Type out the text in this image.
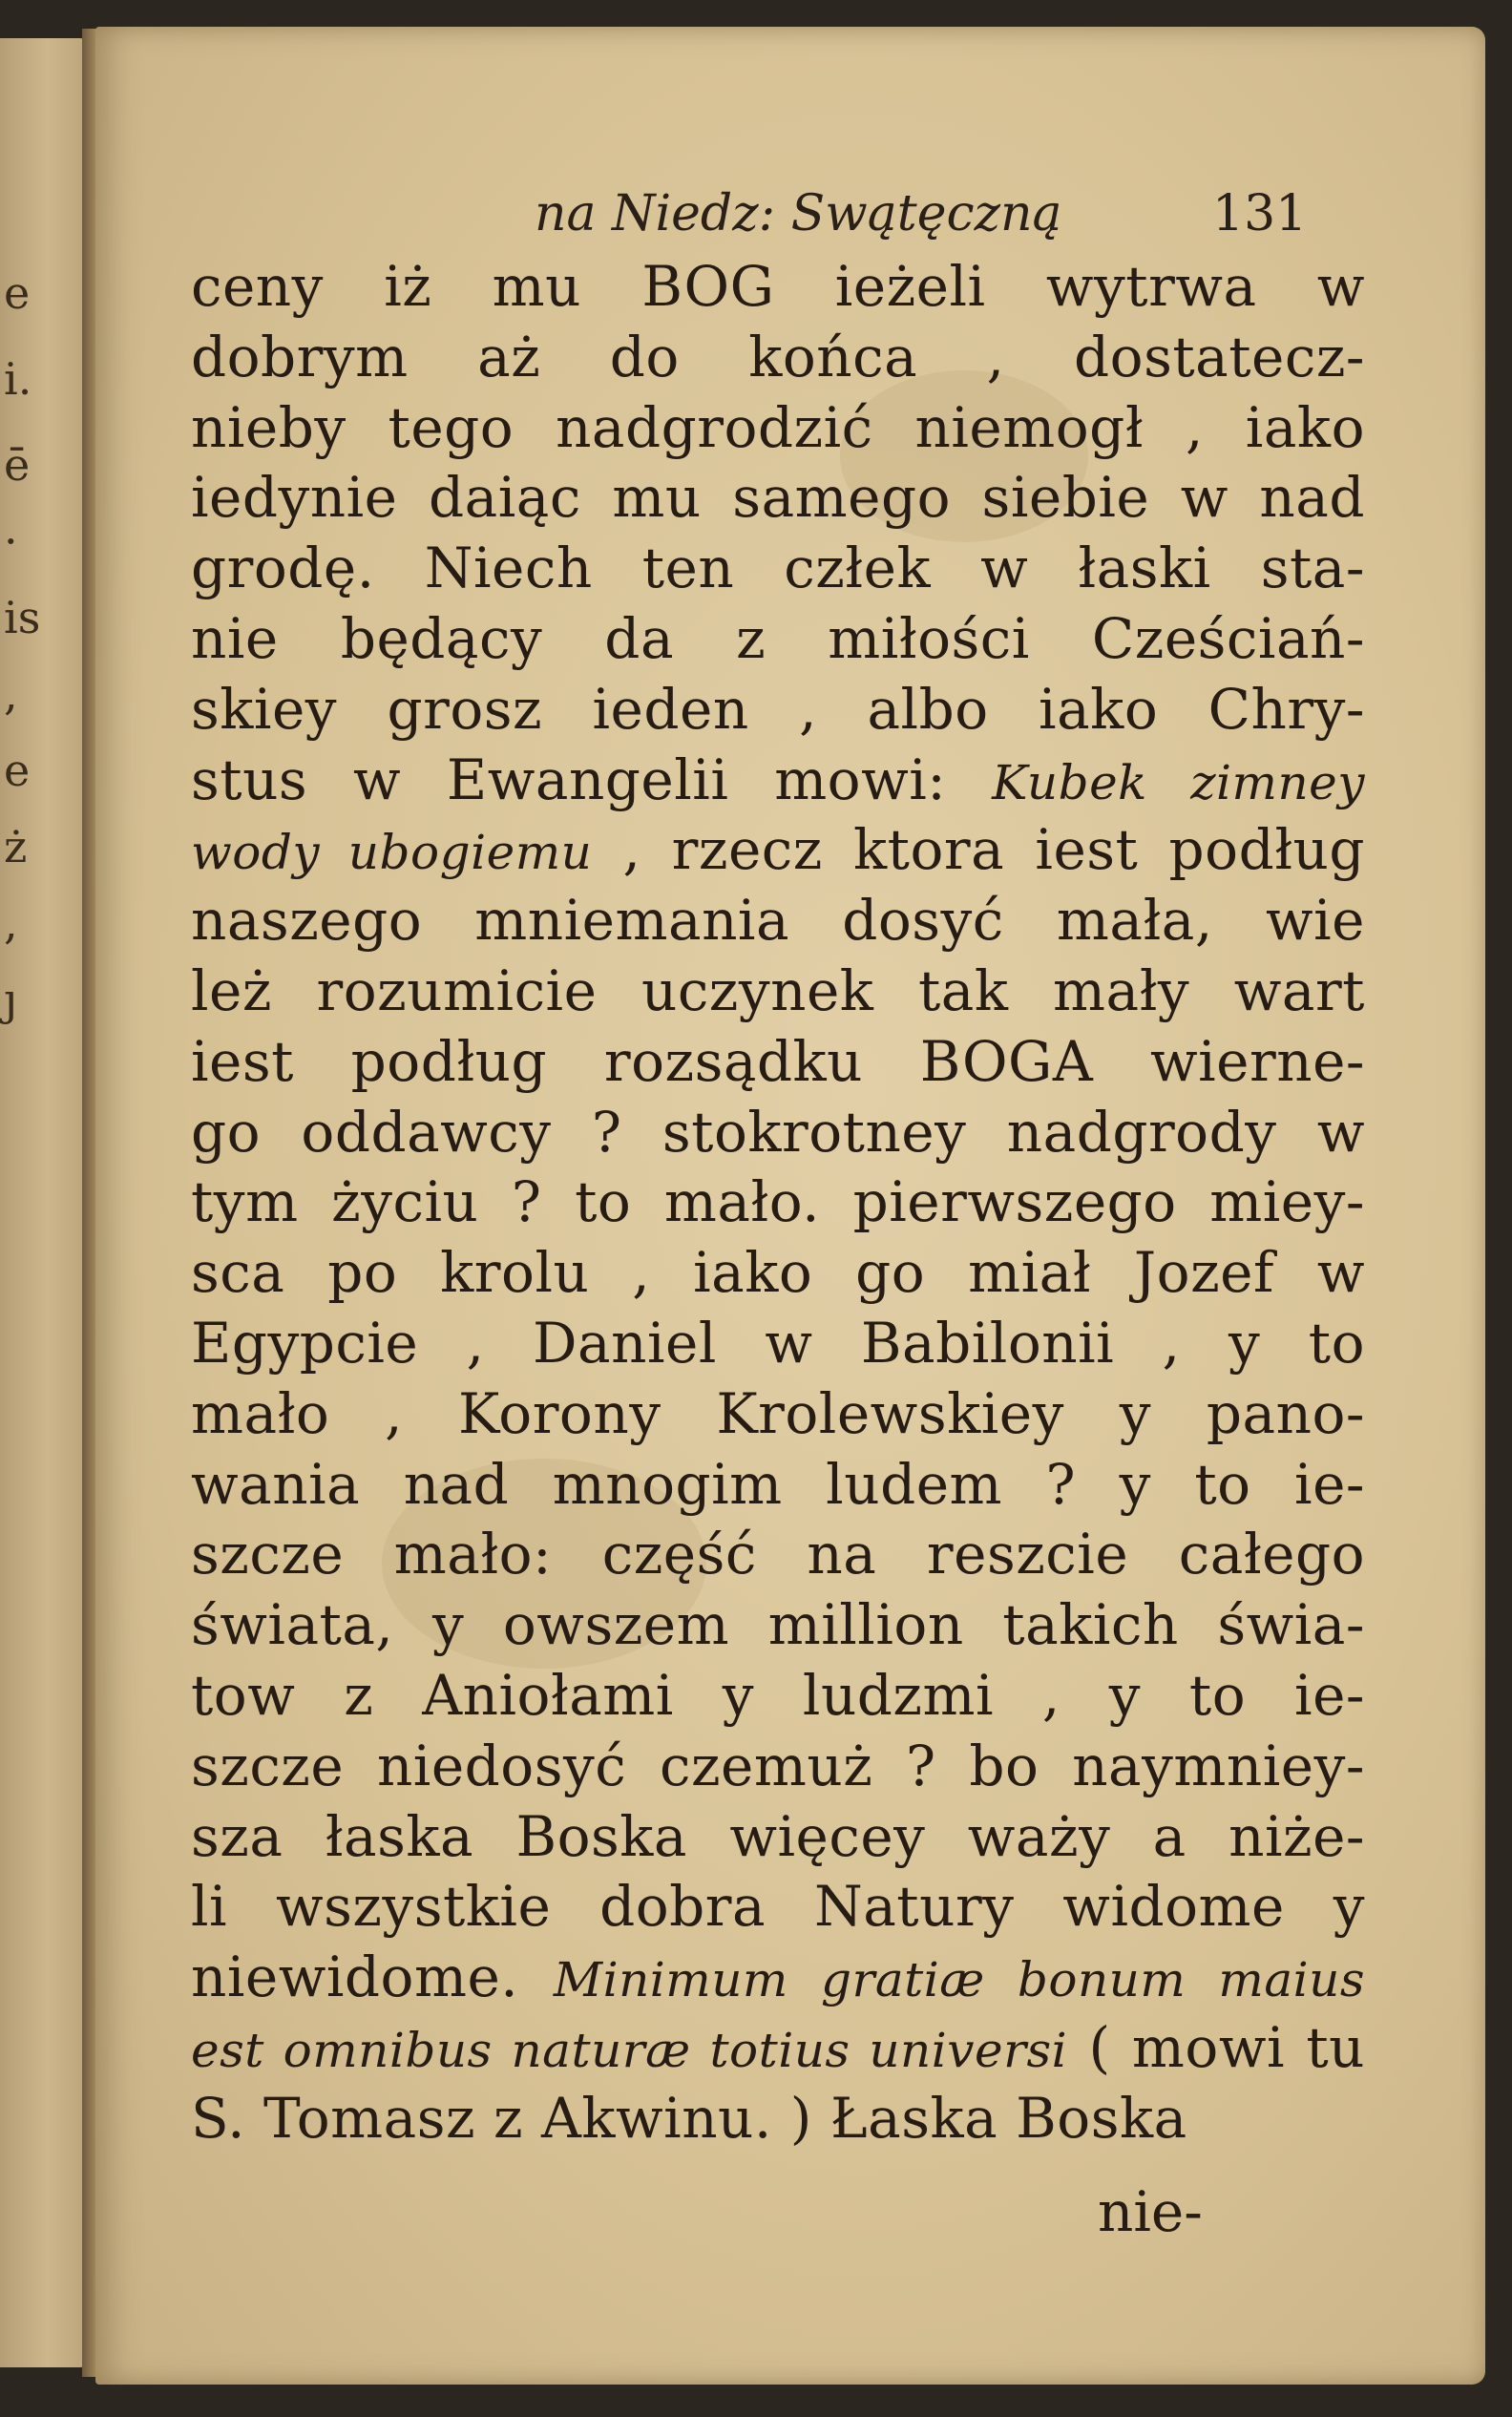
e
i.
ē
·
is
,
e
ż
,
ȷ
na Niedz: Swątęczną	131
ceny iż mu BOG ieżeli wytrwa w
dobrym aż do końca , dostatecz-
nieby tego nadgrodzić niemogł , iako
iedynie daiąc mu samego siebie w nad
grodę. Niech ten człek w łaski sta-
nie będący da z miłości Cześciań-
skiey grosz ieden , albo iako Chry-
stus w Ewangelii mowi: Kubek zimney
wody ubogiemu , rzecz ktora iest podług
naszego mniemania dosyć mała, wie
leż rozumicie uczynek tak mały wart
iest podług rozsądku BOGA wierne-
go oddawcy ? stokrotney nadgrody w
tym życiu ? to mało. pierwszego miey-
sca po krolu , iako go miał Jozef w
Egypcie , Daniel w Babilonii , y to
mało , Korony Krolewskiey y pano-
wania nad mnogim ludem ? y to ie-
szcze mało: część na reszcie całego
świata, y owszem million takich świa-
tow z Aniołami y ludzmi , y to ie-
szcze niedosyć czemuż ? bo naymniey-
sza łaska Boska więcey waży a niże-
li wszystkie dobra Natury widome y
niewidome. Minimum gratiæ bonum maius
est omnibus naturæ totius universi ( mowi tu
S. Tomasz z Akwinu. ) Łaska Boska
nie-
